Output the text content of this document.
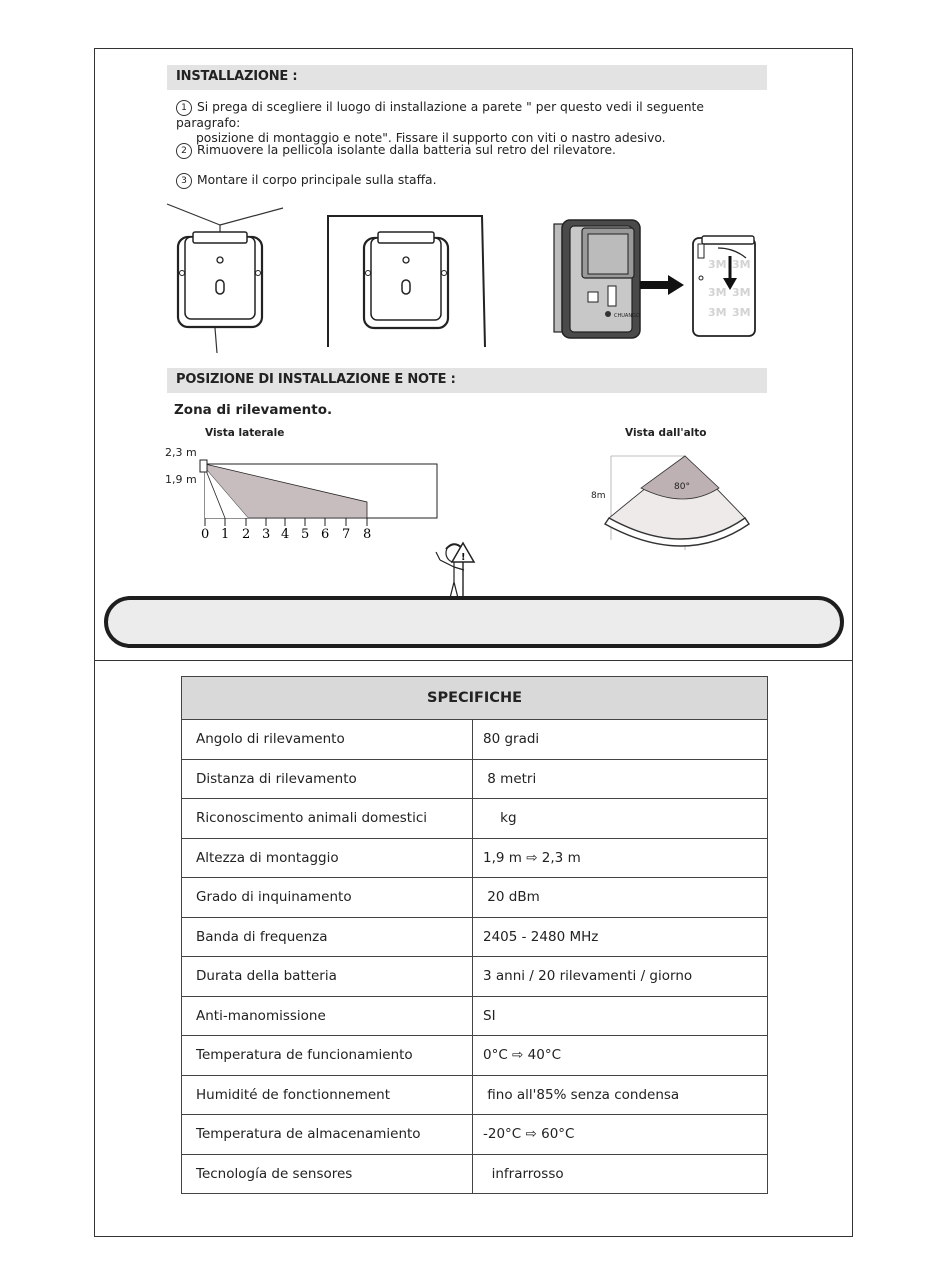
INSTALLAZIONE :
1 Si prega di scegliere il luogo di installazione a parete " per questo vedi il seguente paragrafo:
posizione di montaggio e note". Fissare il supporto con viti o nastro adesivo.
2 Rimuovere la pellicola isolante dalla batteria sul retro del rilevatore.
3 Montare il corpo principale sulla staffa.
CHUANGO
3M 3M
3M 3M
3M 3M
POSIZIONE DI INSTALLAZIONE E NOTE :
Zona di rilevamento.
Vista laterale	Vista dall'alto
2,3 m
1,9 m
0 1 2 3 4 5 6 7 8
80°
8m
!
SPECIFICHE	
Angolo di rilevamento	80 gradi
Distanza di rilevamento	8 metri
Riconoscimento animali domestici	kg
Altezza di montaggio	1,9 m ⇨ 2,3 m
Grado di inquinamento	20 dBm
Banda di frequenza	2405 - 2480 MHz
Durata della batteria	3 anni / 20 rilevamenti / giorno
Anti-manomissione	SI
Temperatura de funcionamiento	0°C ⇨ 40°C
Humidité de fonctionnement	fino all'85% senza condensa
Temperatura de almacenamiento	-20°C ⇨ 60°C
Tecnología de sensores	infrarrosso
